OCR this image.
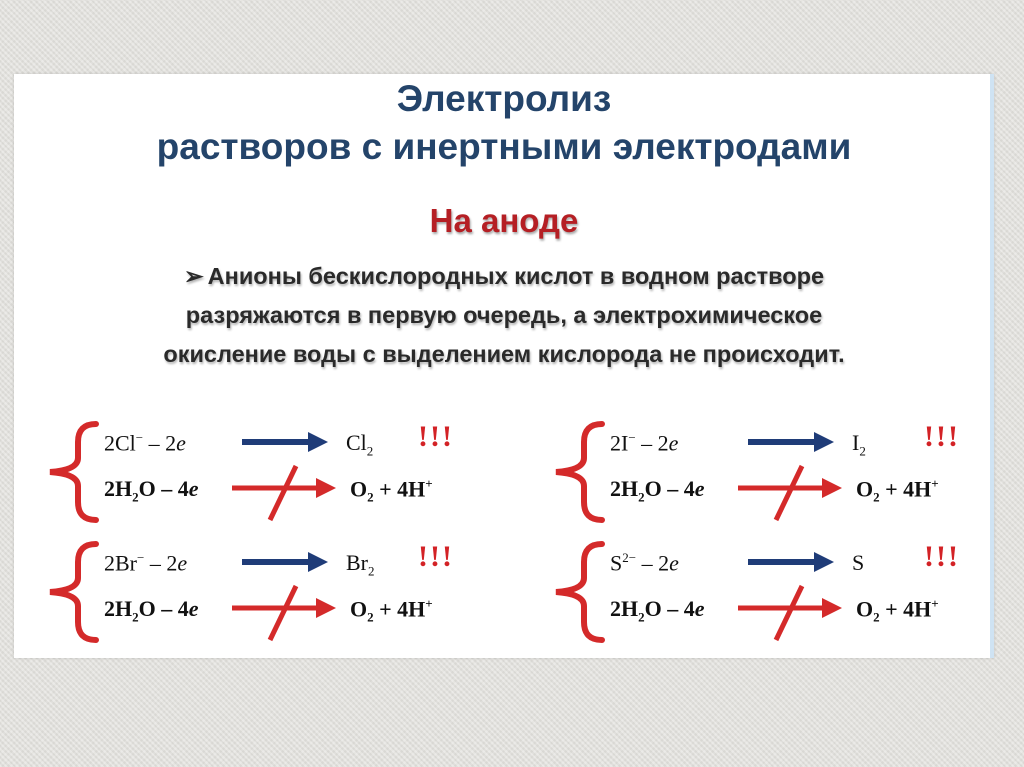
Электролиз
растворов с инертными электродами
На аноде
➢ Анионы бескислородных кислот в водном растворе
разряжаются в первую очередь, а электрохимическое
окисление воды с выделением кислорода не происходит.
2Cl− – 2e	$Cl_2$ !!!
$2H_2O - 4e$	$O_2 + 4H^+$
2I− – 2e	$I_2$ !!!
$2H_2O - 4e$	$O_2 + 4H^+$
2Br− – 2e	$Br_2$ !!!
$2H_2O - 4e$	$O_2 + 4H^+$
$S^{2-} - 2e$	S !!!
$2H_2O - 4e$	$O_2 + 4H^+$
